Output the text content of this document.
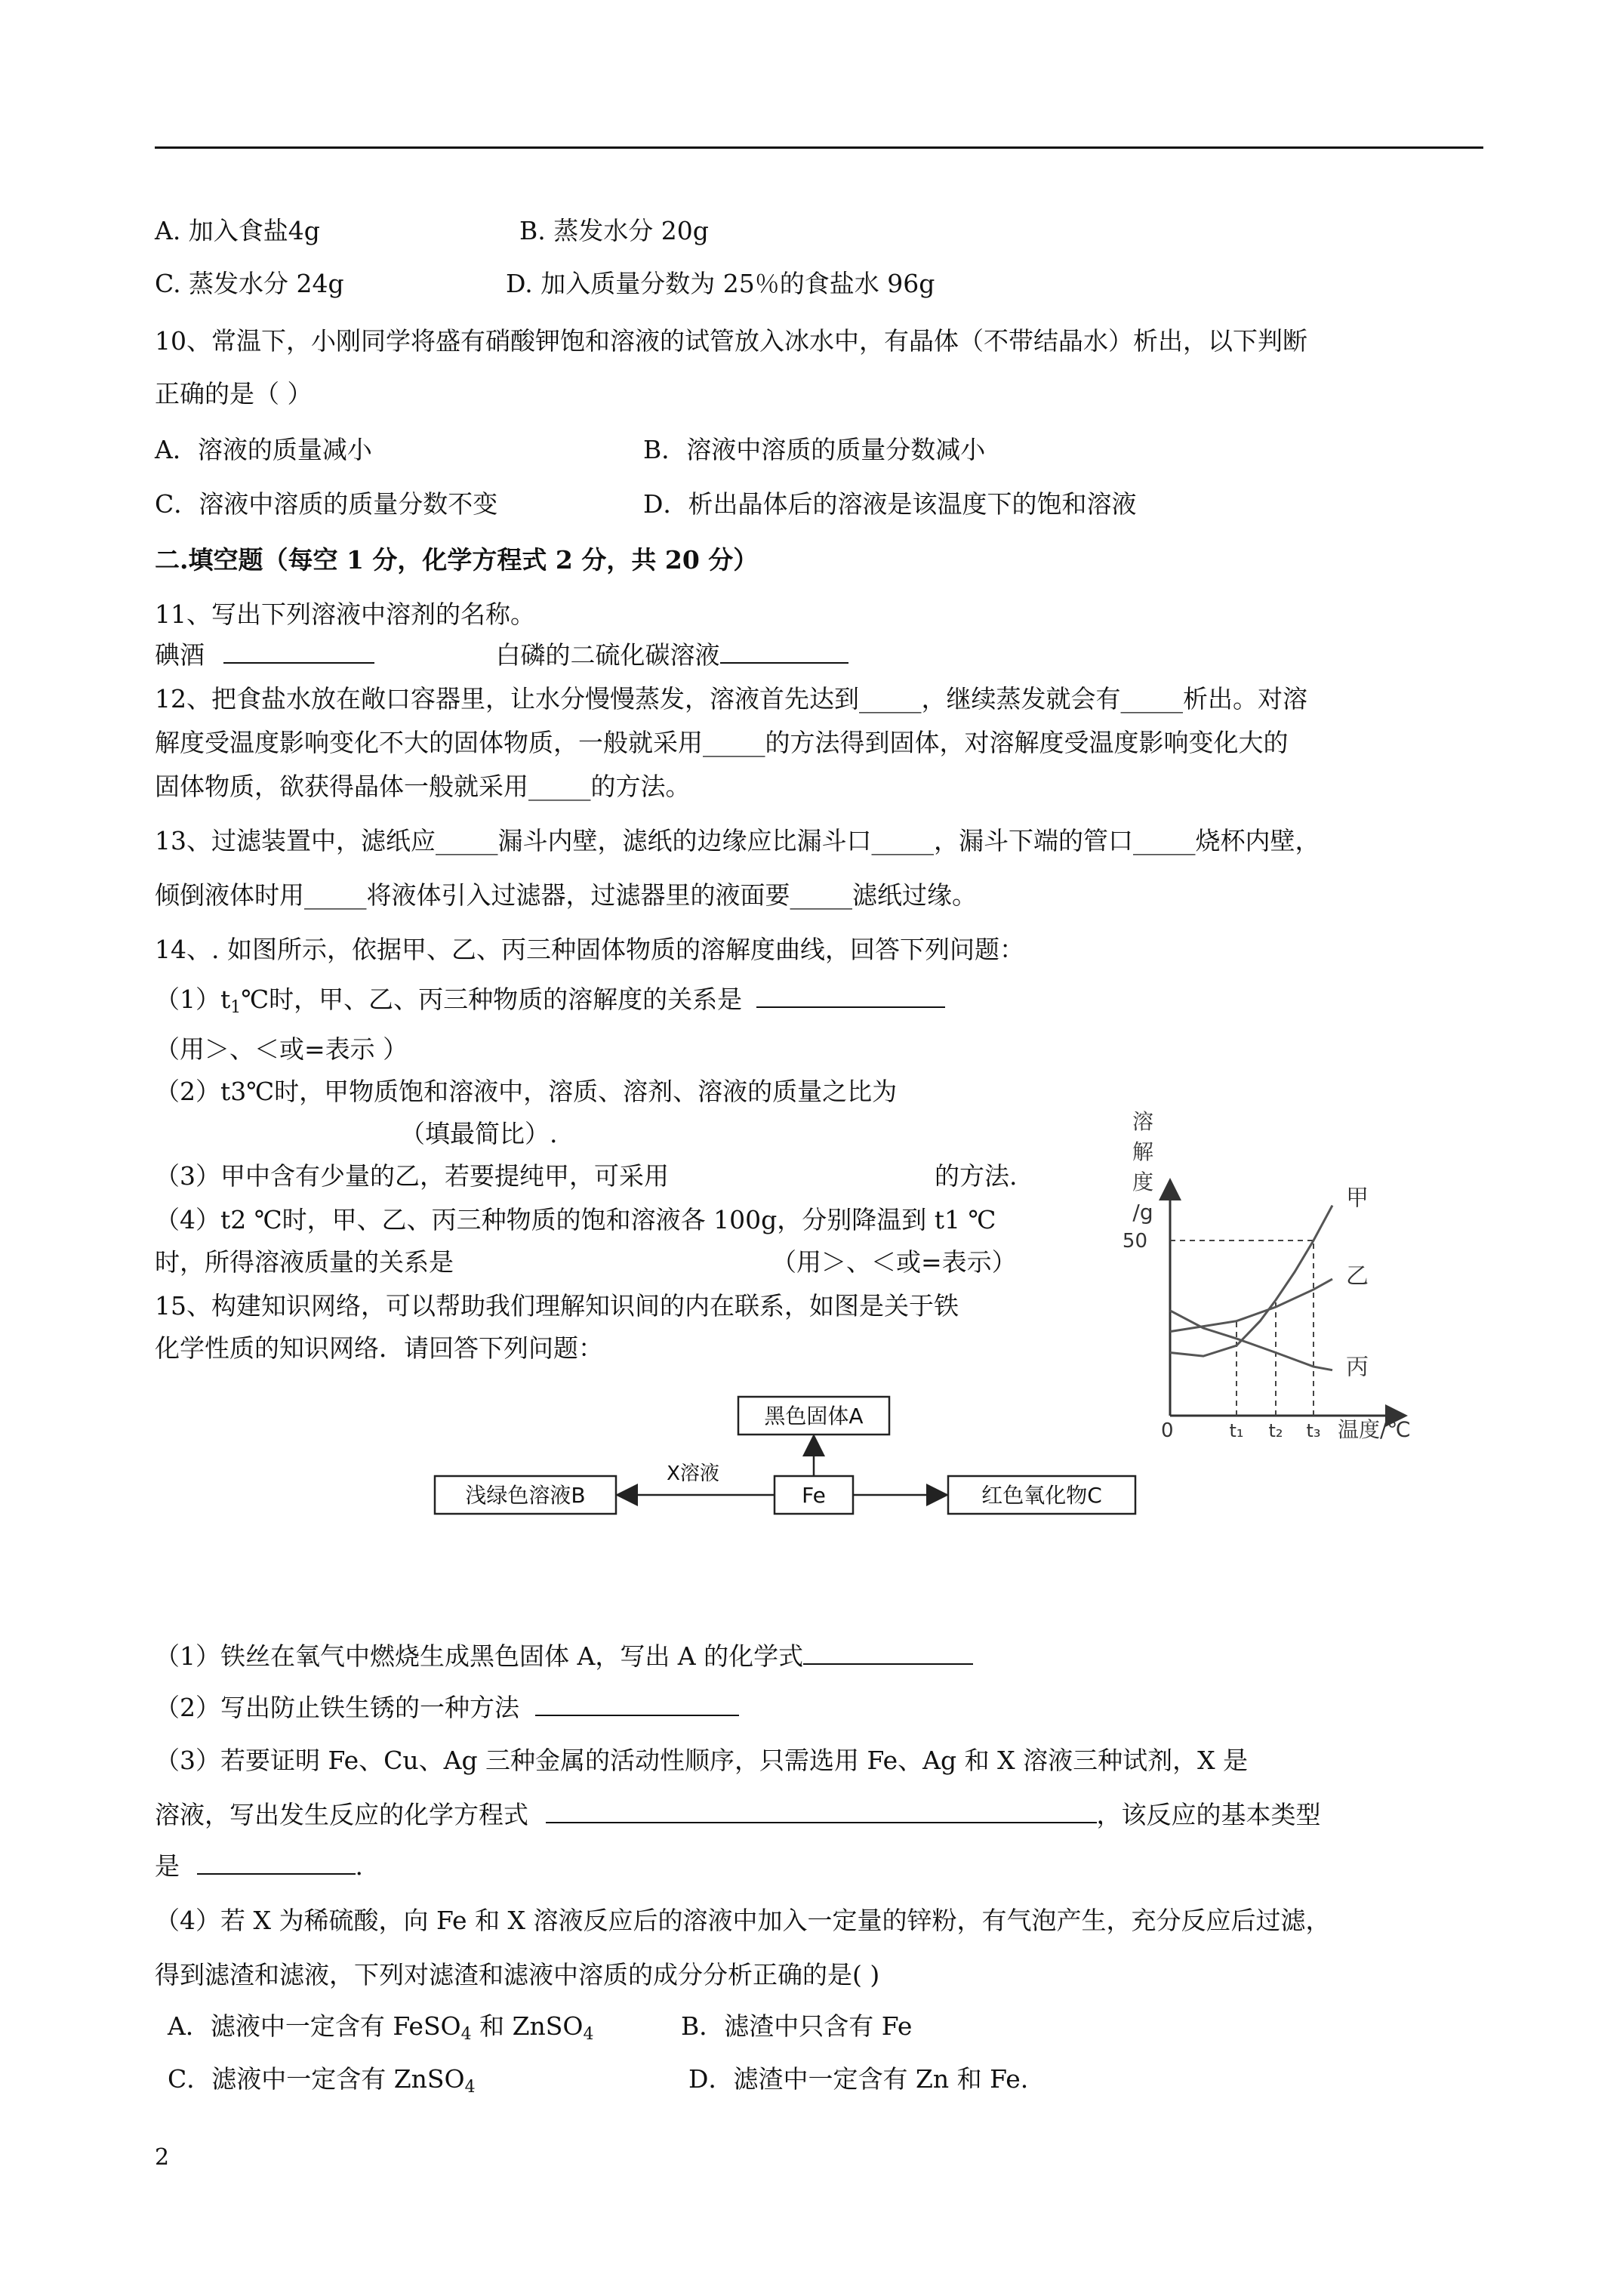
A. 加入食盐4g	B. 蒸发水分 20g
C. 蒸发水分 24g	D. 加入质量分数为 25％的食盐水 96g
10、常温下，小刚同学将盛有硝酸钾饱和溶液的试管放入冰水中，有晶体（不带结晶水）析出，以下判断
正确的是（ ）
A．溶液的质量减小	B．溶液中溶质的质量分数减小
C．溶液中溶质的质量分数不变	D．析出晶体后的溶液是该温度下的饱和溶液
二.填空题（每空 1 分，化学方程式 2 分，共 20 分）
11、写出下列溶液中溶剂的名称。
碘酒	白磷的二硫化碳溶液
12、把食盐水放在敞口容器里，让水分慢慢蒸发，溶液首先达到_____，继续蒸发就会有_____析出。对溶
解度受温度影响变化不大的固体物质，一般就采用_____的方法得到固体，对溶解度受温度影响变化大的
固体物质，欲获得晶体一般就采用_____的方法。
13、过滤装置中，滤纸应_____漏斗内壁，滤纸的边缘应比漏斗口_____，漏斗下端的管口_____烧杯内壁，
倾倒液体时用_____将液体引入过滤器，过滤器里的液面要_____滤纸过缘。
14、. 如图所示，依据甲、乙、丙三种固体物质的溶解度曲线，回答下列问题：
$(1)t_1℃$时，甲、乙、丙三种物质的溶解度的关系是
（用＞、＜或=表示 ）
（2）t3℃时，甲物质饱和溶液中，溶质、溶剂、溶液的质量之比为
（填最简比）.
（3）甲中含有少量的乙，若要提纯甲，可采用	的方法.
（4）t2 ℃时，甲、乙、丙三种物质的饱和溶液各 100g，分别降温到 t1 ℃
时，所得溶液质量的关系是	（用＞、＜或=表示）
溶
解
度
/g
温度/℃
0
50
t₁ t₂ t₃
甲
乙
丙
15、构建知识网络，可以帮助我们理解知识间的内在联系，如图是关于铁
化学性质的知识网络．请回答下列问题：
黑色固体A
Fe
浅绿色溶液B	红色氧化物C
X溶液
（1）铁丝在氧气中燃烧生成黑色固体 A，写出 A 的化学式
（2）写出防止铁生锈的一种方法
（3）若要证明 Fe、Cu、Ag 三种金属的活动性顺序，只需选用 Fe、Ag 和 X 溶液三种试剂，X 是
溶液，写出发生反应的化学方程式	，该反应的基本类型
是	.
（4）若 X 为稀硫酸，向 Fe 和 X 溶液反应后的溶液中加入一定量的锌粉，有气泡产生，充分反应后过滤，
得到滤渣和滤液，下列对滤渣和滤液中溶质的成分分析正确的是( )
A．滤液中一定含有 FeSO$_4$ 和 ZnSO$_4$	B．滤渣中只含有 Fe
C．滤液中一定含有 ZnSO$_4$	D．滤渣中一定含有 Zn 和 Fe.
2
